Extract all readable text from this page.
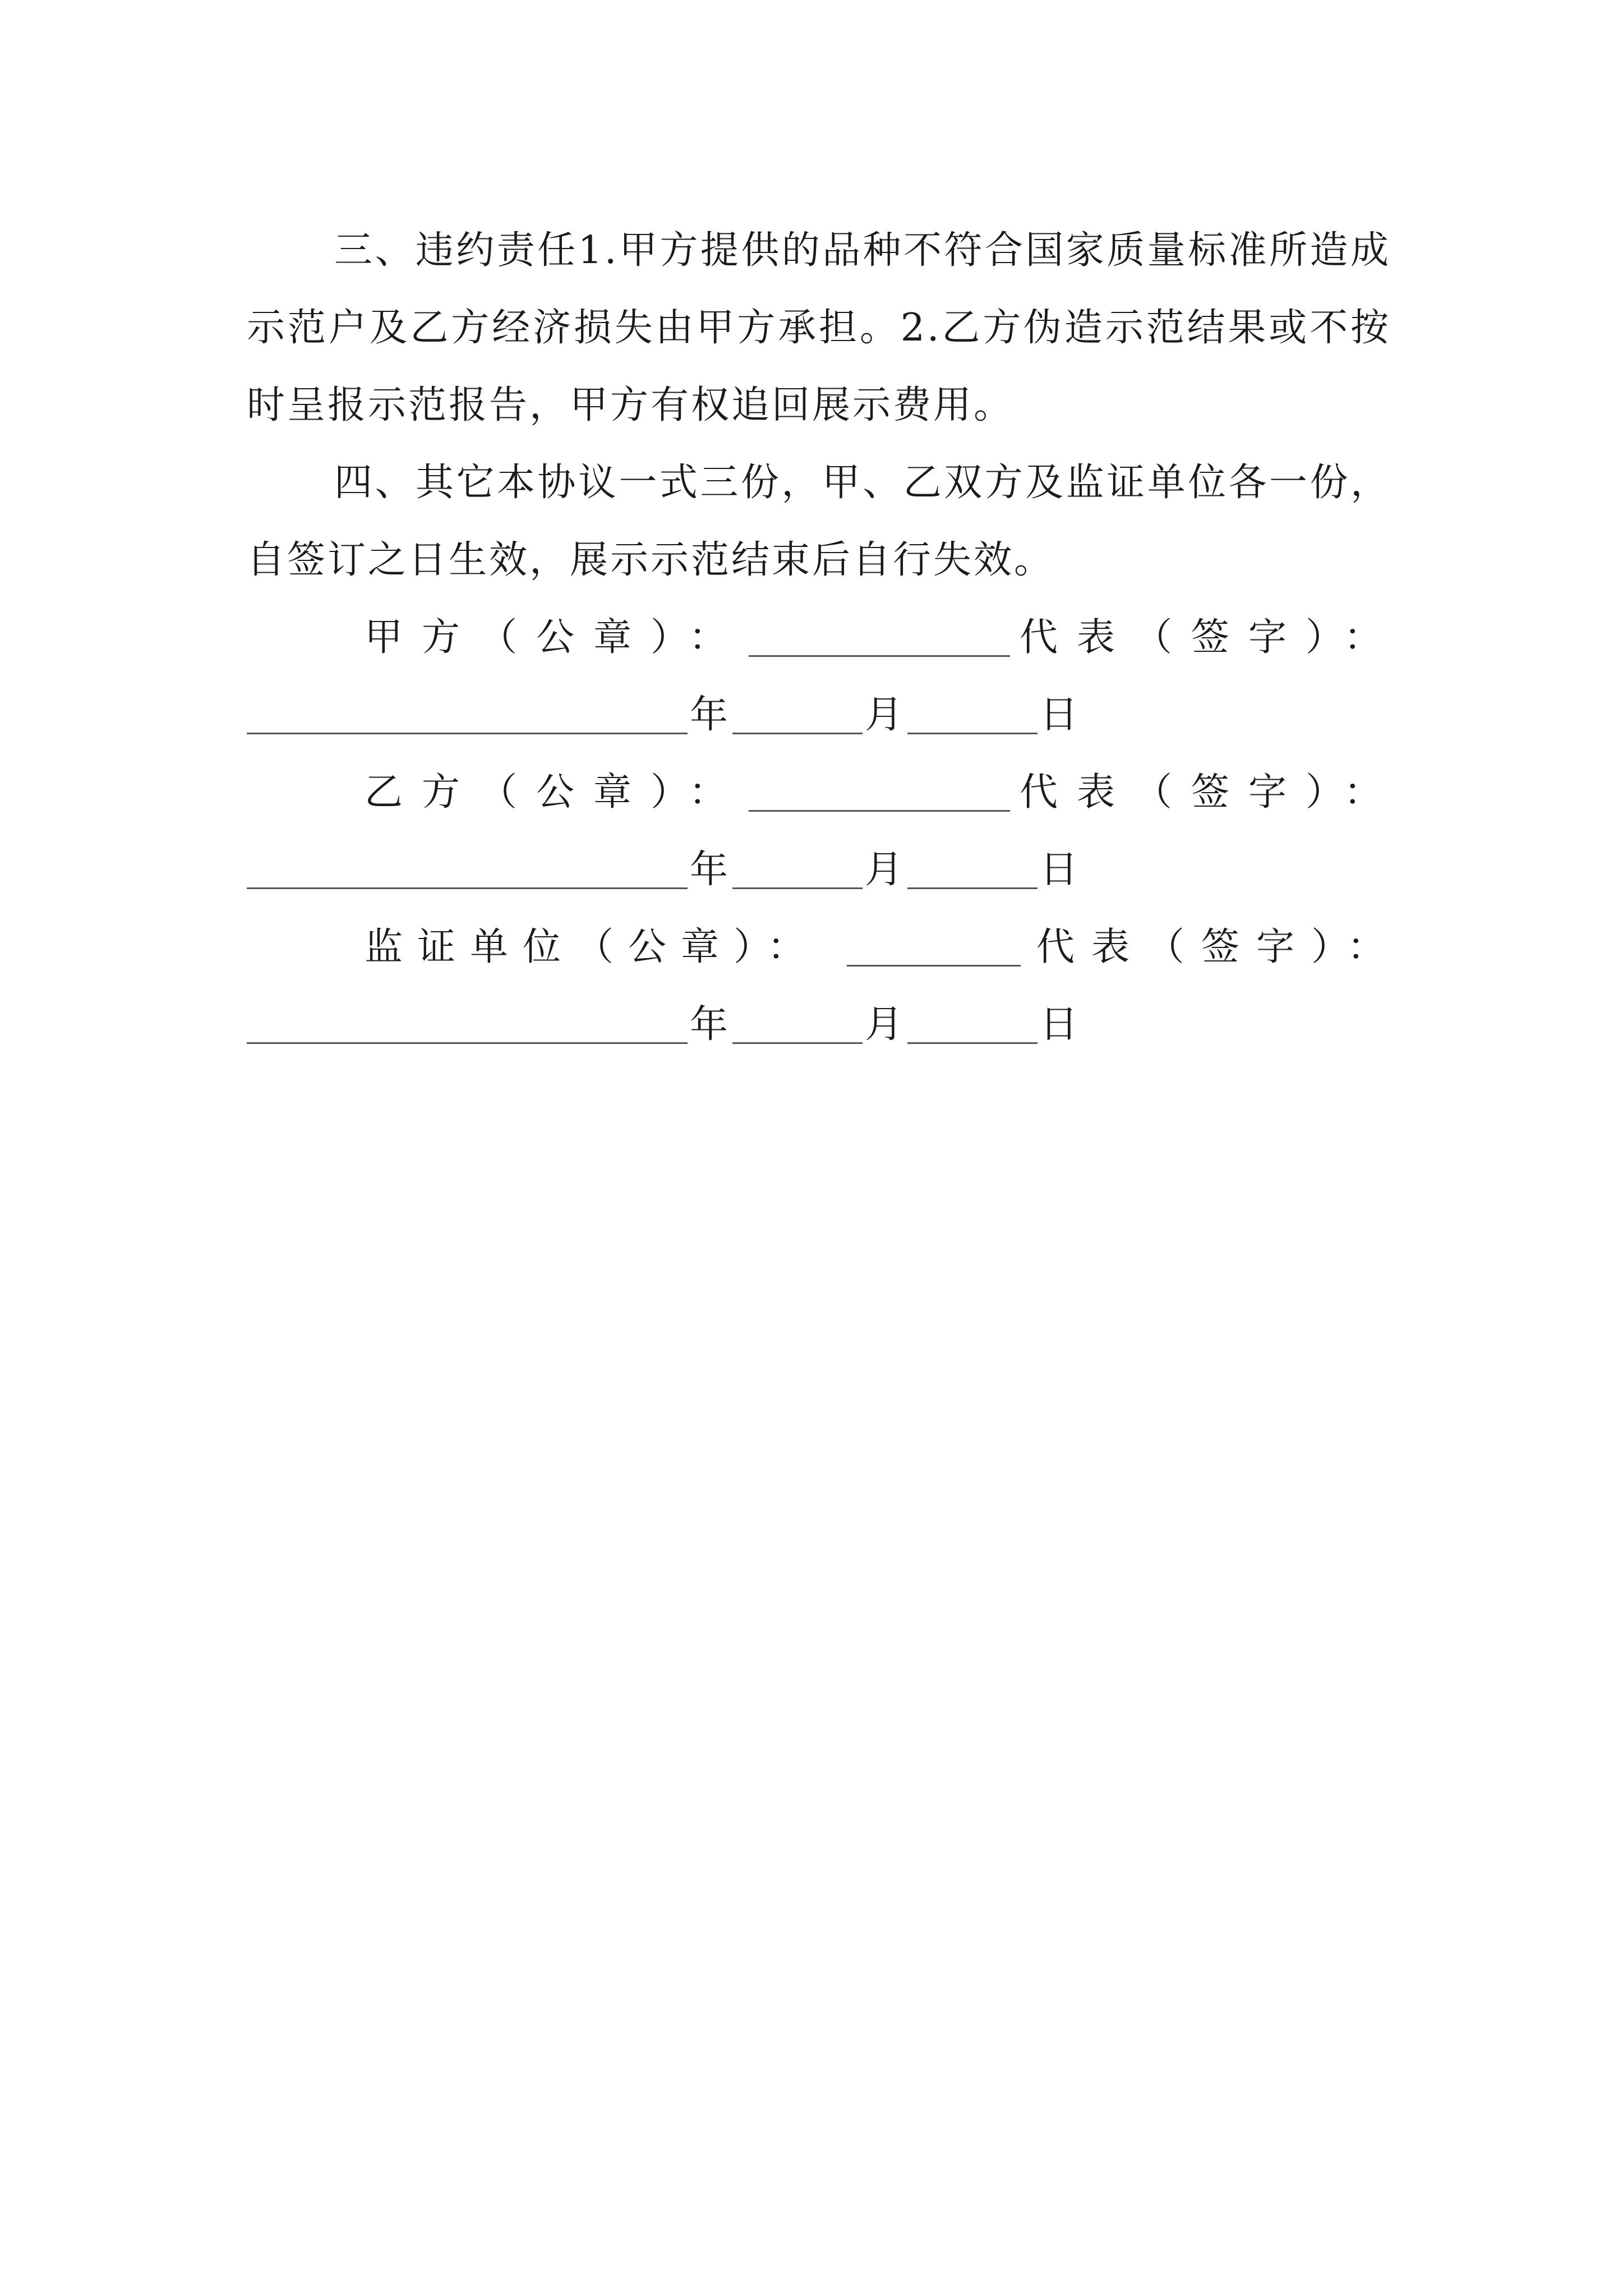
三、违约责任1.甲方提供的品种不符合国家质量标准所造成示范户及乙方经济损失由甲方承担。2.乙方伪造示范结果或不按时呈报示范报告，甲方有权追回展示费用。

四、其它本协议一式三份，甲、乙双方及监证单位各一份，自签订之日生效，展示示范结束后自行失效。

甲方（公章）：	代表（签字）：
年	月	日
乙方（公章）：	代表（签字）：
年	月	日
监证单位（公章）：	代表（签字）：
年	月	日
